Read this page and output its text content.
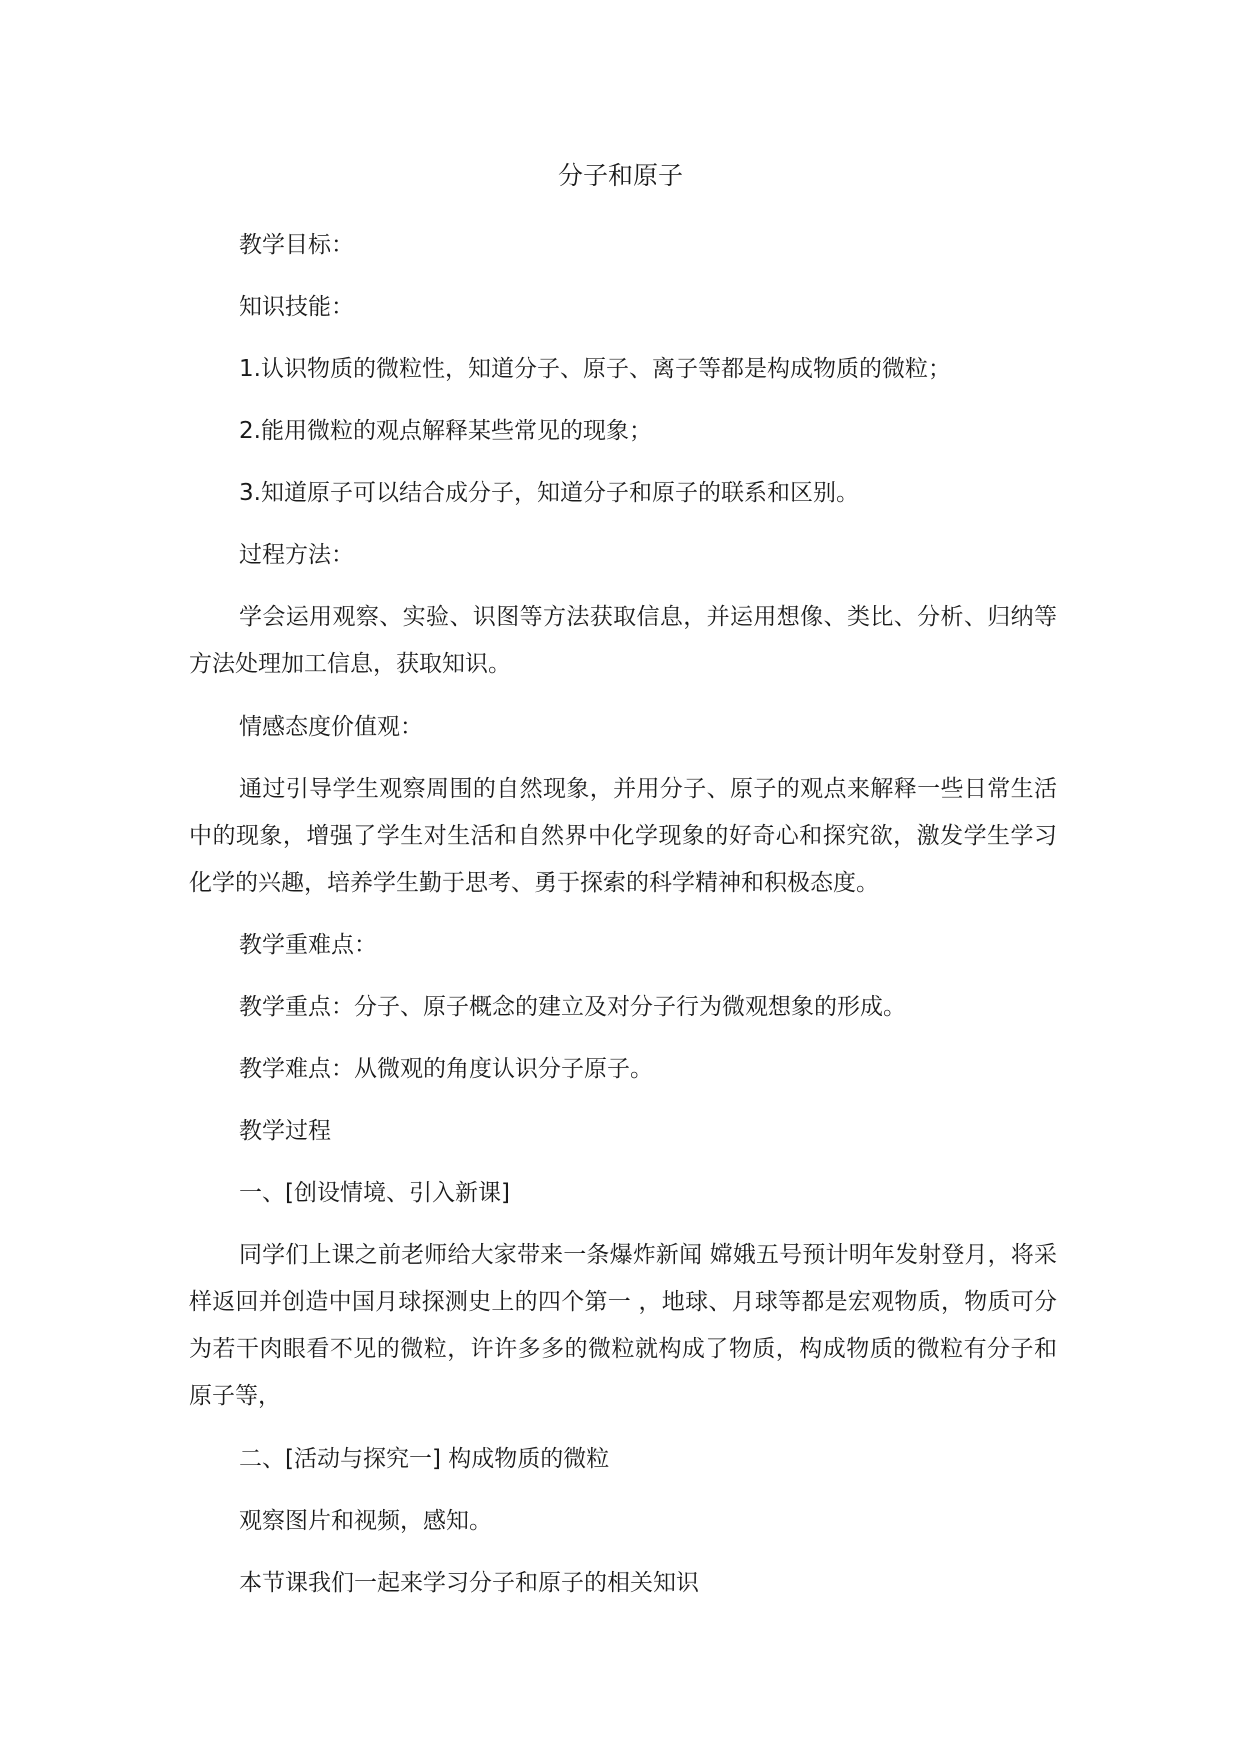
分子和原子
教学目标：
知识技能：
1.认识物质的微粒性，知道分子、原子、离子等都是构成物质的微粒；
2.能用微粒的观点解释某些常见的现象；
3.知道原子可以结合成分子，知道分子和原子的联系和区别。
过程方法：
学会运用观察、实验、识图等方法获取信息，并运用想像、类比、分析、归纳等方法处理加工信息，获取知识。
情感态度价值观：
通过引导学生观察周围的自然现象，并用分子、原子的观点来解释一些日常生活中的现象，增强了学生对生活和自然界中化学现象的好奇心和探究欲，激发学生学习化学的兴趣，培养学生勤于思考、勇于探索的科学精神和积极态度。
教学重难点：
教学重点：分子、原子概念的建立及对分子行为微观想象的形成。
教学难点：从微观的角度认识分子原子。
教学过程
一、[创设情境、引入新课]
同学们上课之前老师给大家带来一条爆炸新闻 嫦娥五号预计明年发射登月，将采样返回并创造中国月球探测史上的四个第一 ，地球、月球等都是宏观物质，物质可分为若干肉眼看不见的微粒，许许多多的微粒就构成了物质，构成物质的微粒有分子和原子等，
二、[活动与探究一] 构成物质的微粒
观察图片和视频，感知。
本节课我们一起来学习分子和原子的相关知识
